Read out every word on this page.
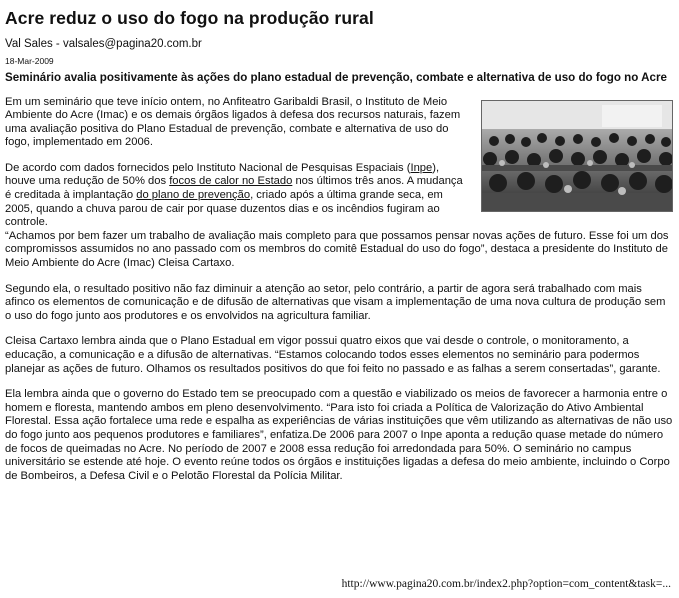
Acre reduz o uso do fogo na produção rural
Val Sales - valsales@pagina20.com.br
18-Mar-2009
Seminário avalia positivamente às ações do plano estadual de prevenção, combate e alternativa de uso do fogo no Acre

Em um seminário que teve início ontem, no Anfiteatro Garibaldi Brasil, o Instituto de Meio Ambiente do Acre (Imac) e os demais órgãos ligados à defesa dos recursos naturais, fazem uma avaliação positiva do Plano Estadual de prevenção, combate e alternativa de uso do fogo, implementado em 2006.

De acordo com dados fornecidos pelo Instituto Nacional de Pesquisas Espaciais (Inpe), houve uma redução de 50% dos focos de calor no Estado nos últimos três anos. A mudança é creditada à implantação do plano de prevenção, criado após a última grande seca, em 2005, quando a chuva parou de cair por quase duzentos dias e os incêndios fugiram ao controle.

“Achamos por bem fazer um trabalho de avaliação mais completo para que possamos pensar novas ações de futuro. Esse foi um dos compromissos assumidos no ano passado com os membros do comitê Estadual do uso do fogo”, destaca a presidente do Instituto de Meio Ambiente do Acre (Imac) Cleisa Cartaxo.

Segundo ela, o resultado positivo não faz diminuir a atenção ao setor, pelo contrário, a partir de agora será trabalhado com mais afinco os elementos de comunicação e de difusão de alternativas que visam a implementação de uma nova cultura de produção sem o uso do fogo junto aos produtores e os envolvidos na agricultura familiar.

Cleisa Cartaxo lembra ainda que o Plano Estadual em vigor possui quatro eixos que vai desde o controle, o monitoramento, a educação, a comunicação e a difusão de alternativas. “Estamos colocando todos esses elementos no seminário para podermos planejar as ações de futuro. Olhamos os resultados positivos do que foi feito no passado e as falhas a serem consertadas”, garante.

Ela lembra ainda que o governo do Estado tem se preocupado com a questão e viabilizado os meios de favorecer a harmonia entre o homem e floresta, mantendo ambos em pleno desenvolvimento. “Para isto foi criada a Política de Valorização do Ativo Ambiental Florestal. Essa ação fortalece uma rede e espalha as experiências de várias instituições que vêm utilizando as alternativas de não uso do fogo junto aos pequenos produtores e familiares”, enfatiza.De 2006 para 2007 o Inpe aponta a redução quase metade do número de focos de queimadas no Acre. No período de 2007 e 2008 essa redução foi arredondada para 50%. O seminário no campus universitário se estende até hoje. O evento reúne todos os órgãos e instituições ligadas a defesa do meio ambiente, incluindo o Corpo de Bombeiros, a Defesa Civil e o Pelotão Florestal da Polícia Militar.

http://www.pagina20.com.br/index2.php?option=com_content&task=...
